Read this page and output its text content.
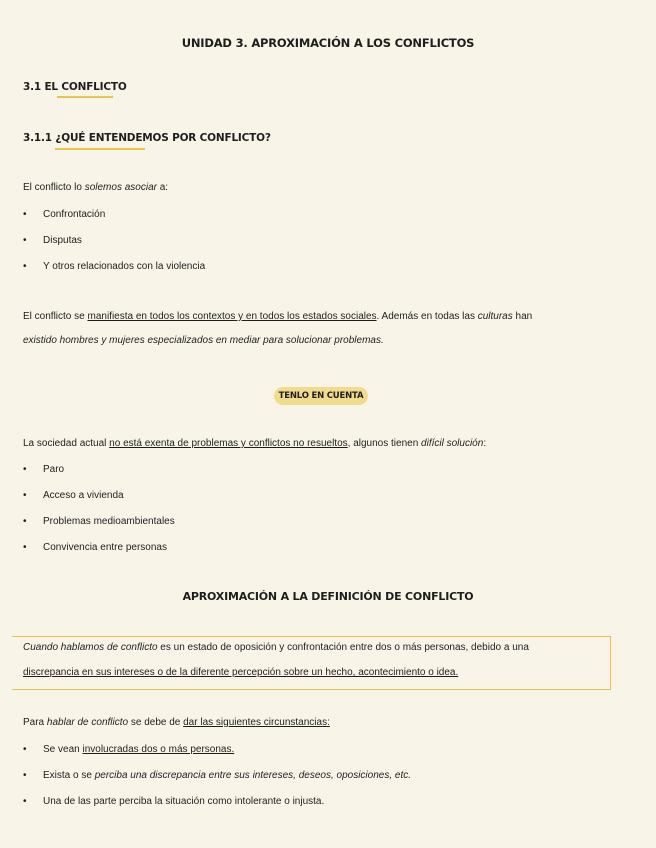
UNIDAD 3. APROXIMACIÓN A LOS CONFLICTOS
3.1 EL CONFLICTO
3.1.1 ¿QUÉ ENTENDEMOS POR CONFLICTO?
El conflicto lo solemos asociar a:
• Confrontación
• Disputas
• Y otros relacionados con la violencia
El conflicto se manifiesta en todos los contextos y en todos los estados sociales. Además en todas las culturas han
existido hombres y mujeres especializados en mediar para solucionar problemas.
TENLO EN CUENTA
La sociedad actual no está exenta de problemas y conflictos no resueltos, algunos tienen difícil solución:
• Paro
• Acceso a vivienda
• Problemas medioambientales
• Convivencia entre personas
APROXIMACIÓN A LA DEFINICIÓN DE CONFLICTO
Cuando hablamos de conflicto es un estado de oposición y confrontación entre dos o más personas, debido a una
discrepancia en sus intereses o de la diferente percepción sobre un hecho, acontecimiento o idea.
Para hablar de conflicto se debe de dar las siguientes circunstancias:
• Se vean involucradas dos o más personas.
• Exista o se perciba una discrepancia entre sus intereses, deseos, oposiciones, etc.
• Una de las parte perciba la situación como intolerante o injusta.
